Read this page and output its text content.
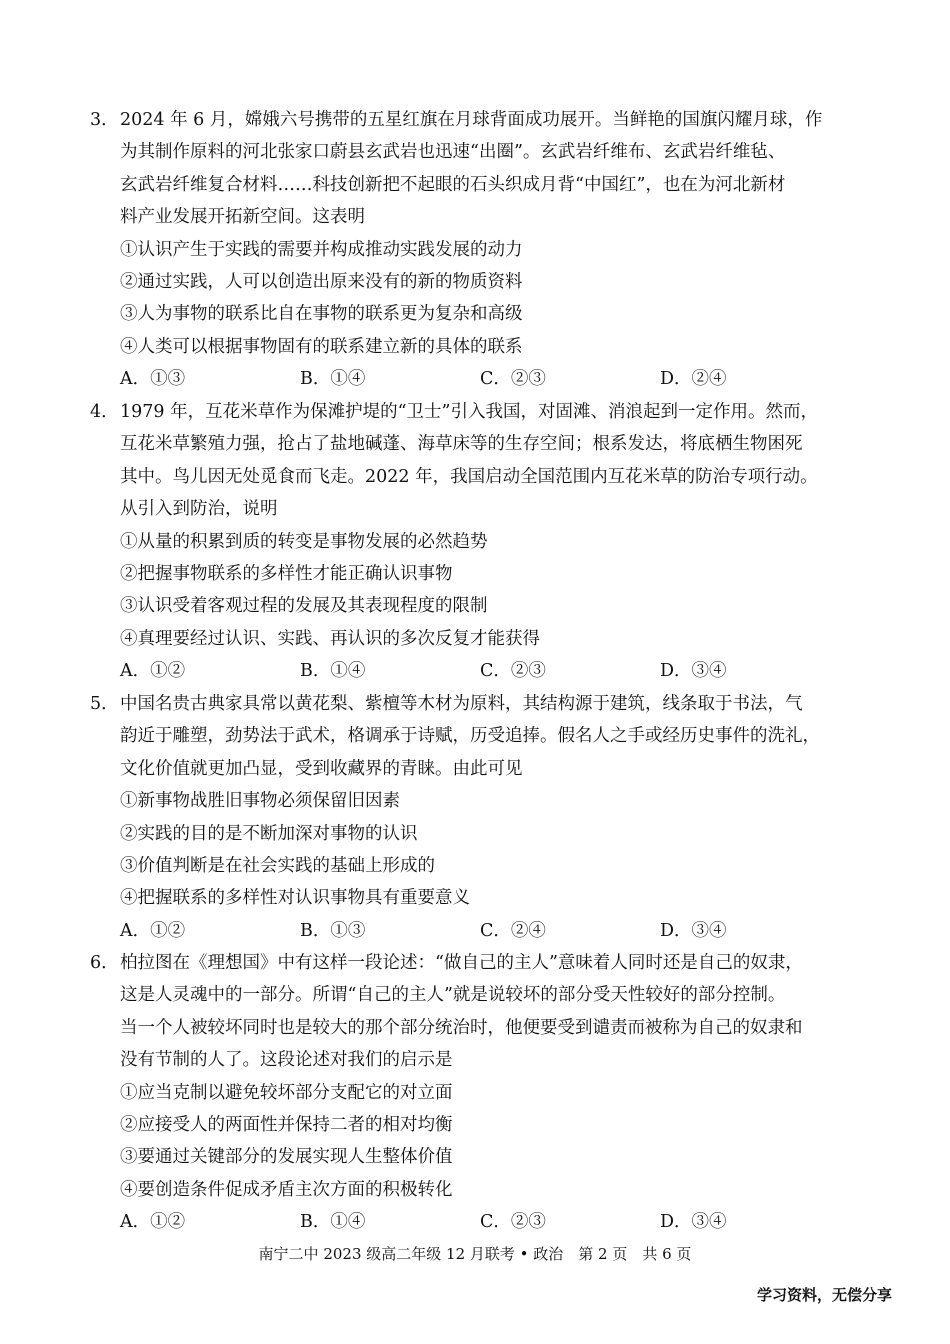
3． 2024 年 6 月，嫦娥六号携带的五星红旗在月球背面成功展开。当鲜艳的国旗闪耀月球，作
为其制作原料的河北张家口蔚县玄武岩也迅速“出圈”。玄武岩纤维布、玄武岩纤维毡、
玄武岩纤维复合材料……科技创新把不起眼的石头织成月背“中国红”，也在为河北新材
料产业发展开拓新空间。这表明
①认识产生于实践的需要并构成推动实践发展的动力
②通过实践，人可以创造出原来没有的新的物质资料
③人为事物的联系比自在事物的联系更为复杂和高级
④人类可以根据事物固有的联系建立新的具体的联系
A．①③	B．①④	C．②③	D．②④
4． 1979 年，互花米草作为保滩护堤的“卫士”引入我国，对固滩、消浪起到一定作用。然而，
互花米草繁殖力强，抢占了盐地碱蓬、海草床等的生存空间；根系发达，将底栖生物困死
其中。鸟儿因无处觅食而飞走。2022 年，我国启动全国范围内互花米草的防治专项行动。
从引入到防治，说明
①从量的积累到质的转变是事物发展的必然趋势
②把握事物联系的多样性才能正确认识事物
③认识受着客观过程的发展及其表现程度的限制
④真理要经过认识、实践、再认识的多次反复才能获得
A．①②	B．①④	C．②③	D．③④
5． 中国名贵古典家具常以黄花梨、紫檀等木材为原料，其结构源于建筑，线条取于书法，气
韵近于雕塑，劲势法于武术，格调承于诗赋，历受追捧。假名人之手或经历史事件的洗礼，
文化价值就更加凸显，受到收藏界的青睐。由此可见
①新事物战胜旧事物必须保留旧因素
②实践的目的是不断加深对事物的认识
③价值判断是在社会实践的基础上形成的
④把握联系的多样性对认识事物具有重要意义
A．①②	B．①③	C．②④	D．③④
6． 柏拉图在《理想国》中有这样一段论述：“做自己的主人”意味着人同时还是自己的奴隶，
这是人灵魂中的一部分。所谓“自己的主人”就是说较坏的部分受天性较好的部分控制。
当一个人被较坏同时也是较大的那个部分统治时，他便要受到谴责而被称为自己的奴隶和
没有节制的人了。这段论述对我们的启示是
①应当克制以避免较坏部分支配它的对立面
②应接受人的两面性并保持二者的相对均衡
③要通过关键部分的发展实现人生整体价值
④要创造条件促成矛盾主次方面的积极转化
A．①②	B．①④	C．②③	D．③④
南宁二中 2023 级高二年级 12 月联考 • 政治　第 2 页　共 6 页
学习资料，无偿分享
